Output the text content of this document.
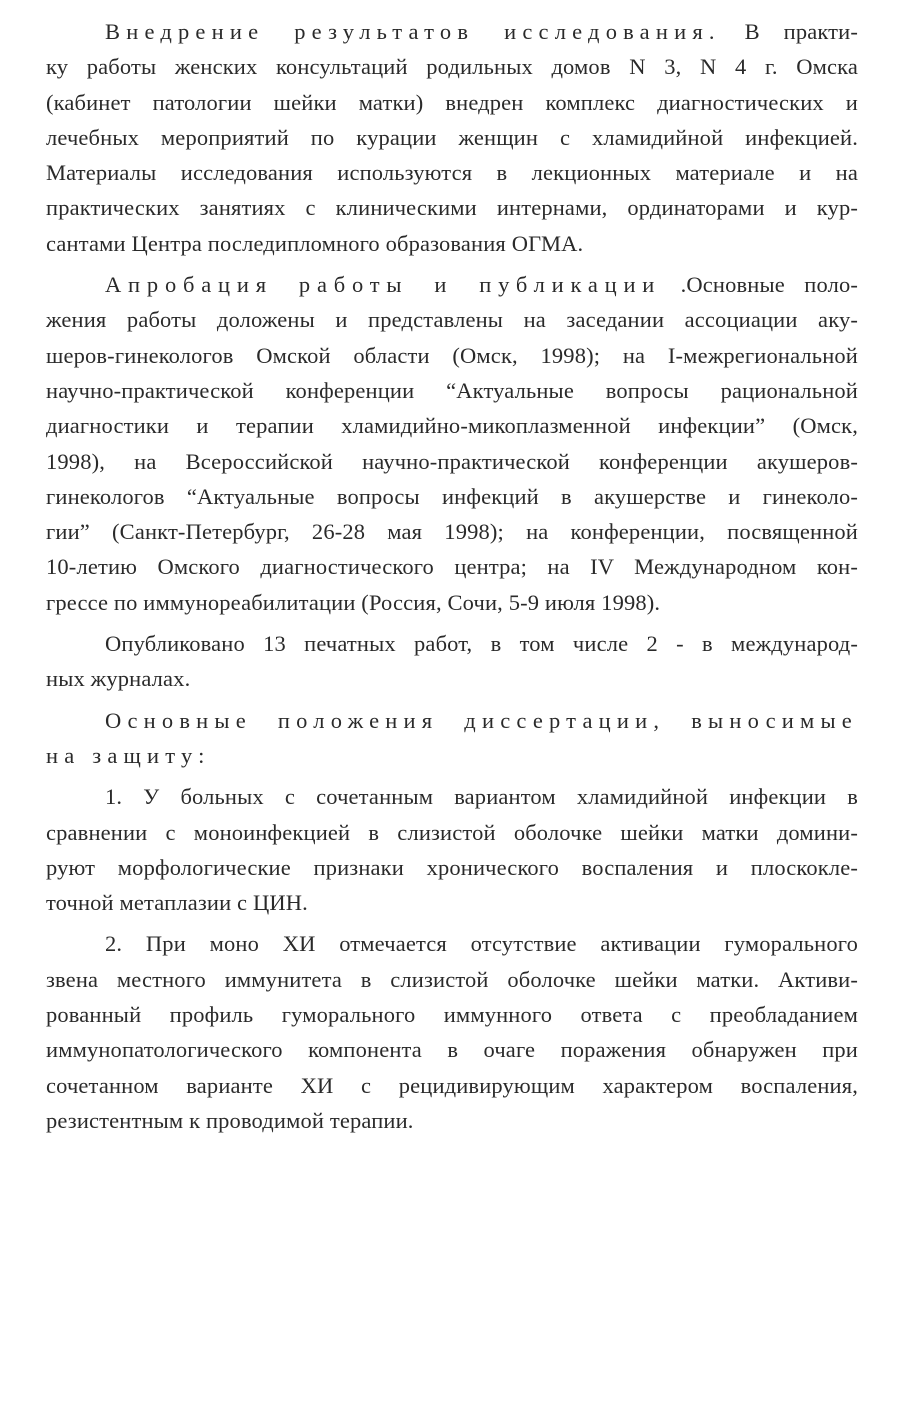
Внедрение результатов исследования. В практи-
ку работы женских консультаций родильных домов N 3, N 4 г. Омска
(кабинет патологии шейки матки) внедрен комплекс диагностических и
лечебных мероприятий по курации женщин с хламидийной инфекцией.
Материалы исследования используются в лекционных материале и на
практических занятиях с клиническими интернами, ординаторами и кур-
сантами Центра последипломного образования ОГМА.
Апробация работы и публикации .Основные поло-
жения работы доложены и представлены на заседании ассоциации аку-
шеров-гинекологов Омской области (Омск, 1998); на I-межрегиональной
научно-практической конференции “Актуальные вопросы рациональной
диагностики и терапии хламидийно-микоплазменной инфекции” (Омск,
1998), на Всероссийской научно-практической конференции акушеров-
гинекологов “Актуальные вопросы инфекций в акушерстве и гинеколо-
гии” (Санкт-Петербург, 26-28 мая 1998); на конференции, посвященной
10-летию Омского диагностического центра; на IV Международном кон-
грессе по иммунореабилитации (Россия, Сочи, 5-9 июля 1998).
Опубликовано 13 печатных работ, в том числе 2 - в международ-
ных журналах.
Основные положения диссертации, выносимые
на защиту:
1. У больных с сочетанным вариантом хламидийной инфекции в
сравнении с моноинфекцией в слизистой оболочке шейки матки домини-
руют морфологические признаки хронического воспаления и плоскокле-
точной метаплазии с ЦИН.
2. При моно ХИ отмечается отсутствие активации гуморального
звена местного иммунитета в слизистой оболочке шейки матки. Активи-
рованный профиль гуморального иммунного ответа с преобладанием
иммунопатологического компонента в очаге поражения обнаружен при
сочетанном варианте ХИ с рецидивирующим характером воспаления,
резистентным к проводимой терапии.
